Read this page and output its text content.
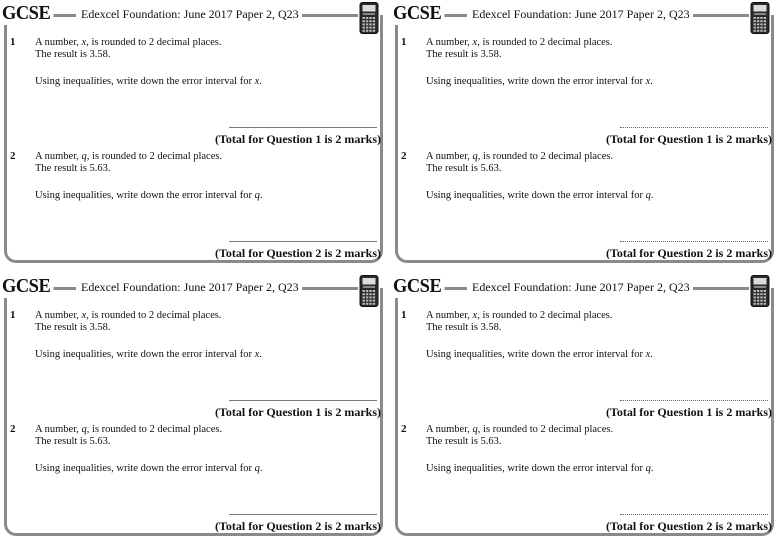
GCSE	Edexcel Foundation: June 2017 Paper 2, Q23
1 A number, x, is rounded to 2 decimal places.
The result is 3.58.
Using inequalities, write down the error interval for x.
(Total for Question 1 is 2 marks)
2 A number, q, is rounded to 2 decimal places.
The result is 5.63.
Using inequalities, write down the error interval for q.
(Total for Question 2 is 2 marks)
GCSE	Edexcel Foundation: June 2017 Paper 2, Q23
1 A number, x, is rounded to 2 decimal places.
The result is 3.58.
Using inequalities, write down the error interval for x.
(Total for Question 1 is 2 marks)
2 A number, q, is rounded to 2 decimal places.
The result is 5.63.
Using inequalities, write down the error interval for q.
(Total for Question 2 is 2 marks)
GCSE	Edexcel Foundation: June 2017 Paper 2, Q23
1 A number, x, is rounded to 2 decimal places.
The result is 3.58.
Using inequalities, write down the error interval for x.
(Total for Question 1 is 2 marks)
2 A number, q, is rounded to 2 decimal places.
The result is 5.63.
Using inequalities, write down the error interval for q.
(Total for Question 2 is 2 marks)
GCSE	Edexcel Foundation: June 2017 Paper 2, Q23
1 A number, x, is rounded to 2 decimal places.
The result is 3.58.
Using inequalities, write down the error interval for x.
(Total for Question 1 is 2 marks)
2 A number, q, is rounded to 2 decimal places.
The result is 5.63.
Using inequalities, write down the error interval for q.
(Total for Question 2 is 2 marks)
